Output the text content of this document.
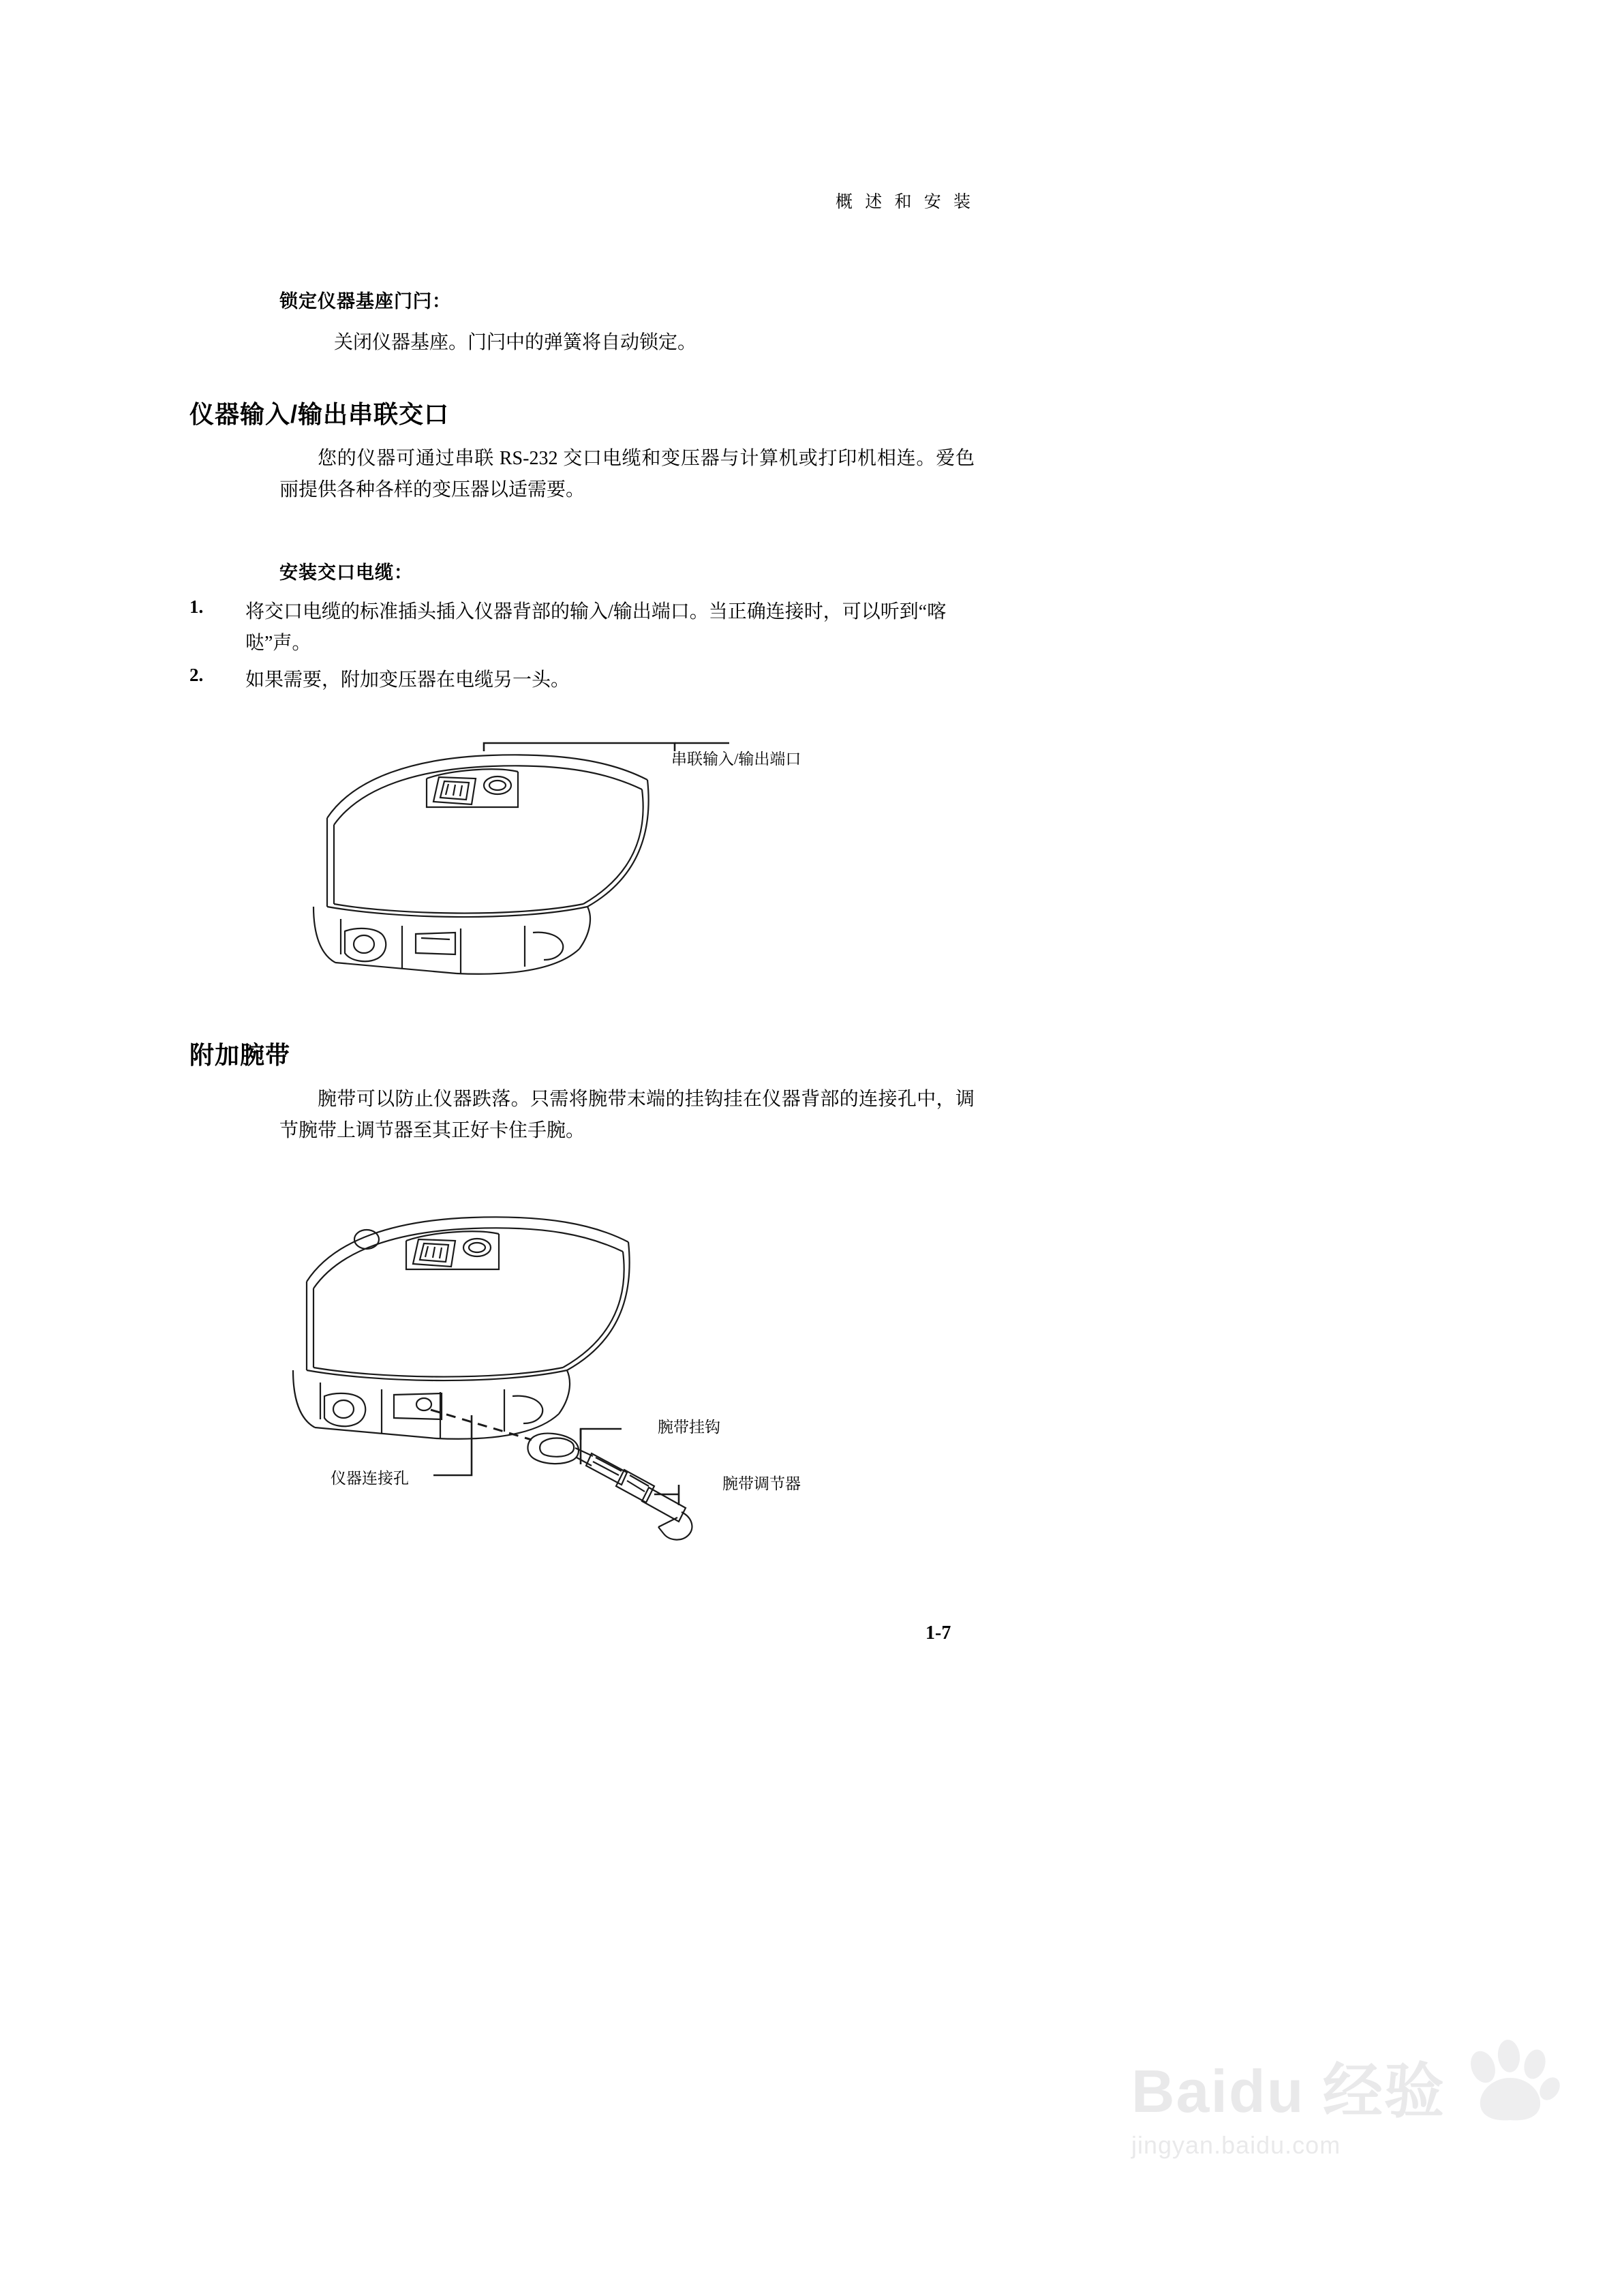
概 述 和 安 装
锁定仪器基座门闩：
关闭仪器基座。门闩中的弹簧将自动锁定。
仪器输入/输出串联交口
您的仪器可通过串联 RS-232 交口电缆和变压器与计算机或打印机相连。爱色丽提供各种各样的变压器以适需要。
安装交口电缆：
1. 将交口电缆的标准插头插入仪器背部的输入/输出端口。当正确连接时，可以听到“喀哒”声。
2. 如果需要，附加变压器在电缆另一头。
串联输入/输出端口
附加腕带
腕带可以防止仪器跌落。只需将腕带末端的挂钩挂在仪器背部的连接孔中，调节腕带上调节器至其正好卡住手腕。
腕带挂钩
仪器连接孔	腕带调节器
1-7
Baidu 经验
jingyan.baidu.com
